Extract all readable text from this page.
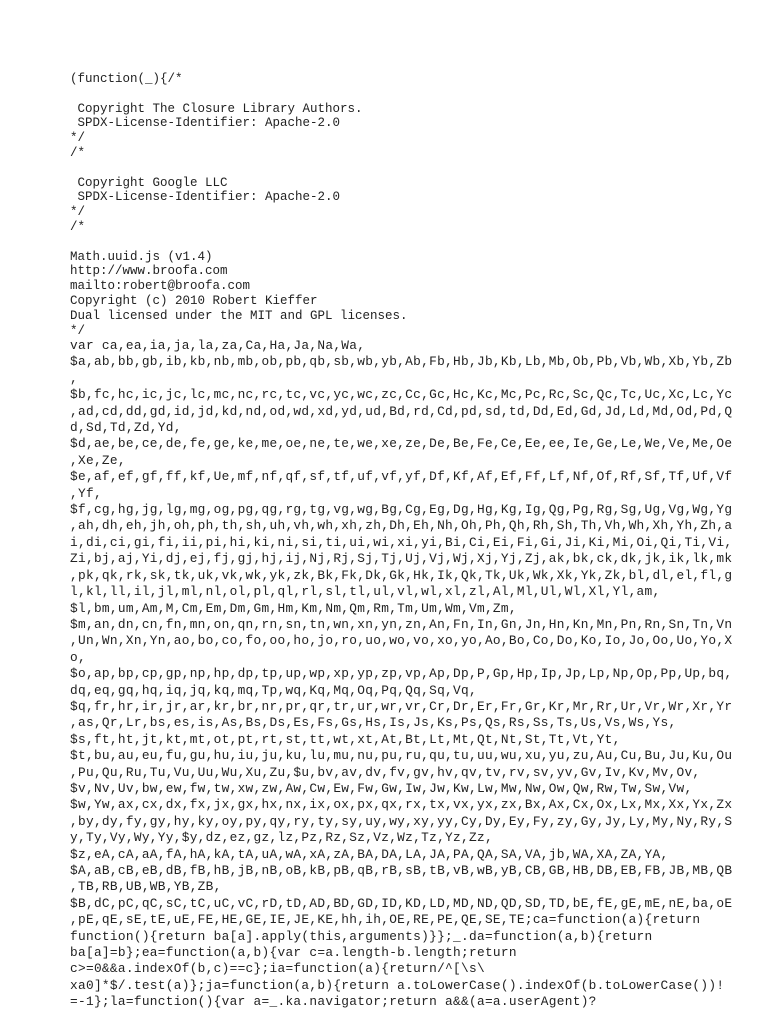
(function(_){/*

Copyright The Closure Library Authors.
SPDX-License-Identifier: Apache-2.0
*/
/*

Copyright Google LLC
SPDX-License-Identifier: Apache-2.0
*/
/*

Math.uuid.js (v1.4)
http://www.broofa.com
mailto:robert@broofa.com
Copyright (c) 2010 Robert Kieffer
Dual licensed under the MIT and GPL licenses.
*/
var ca,ea,ia,ja,la,za,Ca,Ha,Ja,Na,Wa,
$a,ab,bb,gb,ib,kb,nb,mb,ob,pb,qb,sb,wb,yb,Ab,Fb,Hb,Jb,Kb,Lb,Mb,Ob,Pb,Vb,Wb,Xb,Yb,Zb
,
$b,fc,hc,ic,jc,lc,mc,nc,rc,tc,vc,yc,wc,zc,Cc,Gc,Hc,Kc,Mc,Pc,Rc,Sc,Qc,Tc,Uc,Xc,Lc,Yc
,ad,cd,dd,gd,id,jd,kd,nd,od,wd,xd,yd,ud,Bd,rd,Cd,pd,sd,td,Dd,Ed,Gd,Jd,Ld,Md,Od,Pd,Q
d,Sd,Td,Zd,Yd,
$d,ae,be,ce,de,fe,ge,ke,me,oe,ne,te,we,xe,ze,De,Be,Fe,Ce,Ee,ee,Ie,Ge,Le,We,Ve,Me,Oe
,Xe,Ze,
$e,af,ef,gf,ff,kf,Ue,mf,nf,qf,sf,tf,uf,vf,yf,Df,Kf,Af,Ef,Ff,Lf,Nf,Of,Rf,Sf,Tf,Uf,Vf
,Yf,
$f,cg,hg,jg,lg,mg,og,pg,qg,rg,tg,vg,wg,Bg,Cg,Eg,Dg,Hg,Kg,Ig,Qg,Pg,Rg,Sg,Ug,Vg,Wg,Yg
,ah,dh,eh,jh,oh,ph,th,sh,uh,vh,wh,xh,zh,Dh,Eh,Nh,Oh,Ph,Qh,Rh,Sh,Th,Vh,Wh,Xh,Yh,Zh,a
i,di,ci,gi,fi,ii,pi,hi,ki,ni,si,ti,ui,wi,xi,yi,Bi,Ci,Ei,Fi,Gi,Ji,Ki,Mi,Oi,Qi,Ti,Vi,
Zi,bj,aj,Yi,dj,ej,fj,gj,hj,ij,Nj,Rj,Sj,Tj,Uj,Vj,Wj,Xj,Yj,Zj,ak,bk,ck,dk,jk,ik,lk,mk
,pk,qk,rk,sk,tk,uk,vk,wk,yk,zk,Bk,Fk,Dk,Gk,Hk,Ik,Qk,Tk,Uk,Wk,Xk,Yk,Zk,bl,dl,el,fl,g
l,kl,ll,il,jl,ml,nl,ol,pl,ql,rl,sl,tl,ul,vl,wl,xl,zl,Al,Ml,Ul,Wl,Xl,Yl,am,
$l,bm,um,Am,M,Cm,Em,Dm,Gm,Hm,Km,Nm,Qm,Rm,Tm,Um,Wm,Vm,Zm,
$m,an,dn,cn,fn,mn,on,qn,rn,sn,tn,wn,xn,yn,zn,An,Fn,In,Gn,Jn,Hn,Kn,Mn,Pn,Rn,Sn,Tn,Vn
,Un,Wn,Xn,Yn,ao,bo,co,fo,oo,ho,jo,ro,uo,wo,vo,xo,yo,Ao,Bo,Co,Do,Ko,Io,Jo,Oo,Uo,Yo,X
o,
$o,ap,bp,cp,gp,np,hp,dp,tp,up,wp,xp,yp,zp,vp,Ap,Dp,P,Gp,Hp,Ip,Jp,Lp,Np,Op,Pp,Up,bq,
dq,eq,gq,hq,iq,jq,kq,mq,Tp,wq,Kq,Mq,Oq,Pq,Qq,Sq,Vq,
$q,fr,hr,ir,jr,ar,kr,br,nr,pr,qr,tr,ur,wr,vr,Cr,Dr,Er,Fr,Gr,Kr,Mr,Rr,Ur,Vr,Wr,Xr,Yr
,as,Qr,Lr,bs,es,is,As,Bs,Ds,Es,Fs,Gs,Hs,Is,Js,Ks,Ps,Qs,Rs,Ss,Ts,Us,Vs,Ws,Ys,
$s,ft,ht,jt,kt,mt,ot,pt,rt,st,tt,wt,xt,At,Bt,Lt,Mt,Qt,Nt,St,Tt,Vt,Yt,
$t,bu,au,eu,fu,gu,hu,iu,ju,ku,lu,mu,nu,pu,ru,qu,tu,uu,wu,xu,yu,zu,Au,Cu,Bu,Ju,Ku,Ou
,Pu,Qu,Ru,Tu,Vu,Uu,Wu,Xu,Zu,$u,bv,av,dv,fv,gv,hv,qv,tv,rv,sv,yv,Gv,Iv,Kv,Mv,Ov,
$v,Nv,Uv,bw,ew,fw,tw,xw,zw,Aw,Cw,Ew,Fw,Gw,Iw,Jw,Kw,Lw,Mw,Nw,Ow,Qw,Rw,Tw,Sw,Vw,
$w,Yw,ax,cx,dx,fx,jx,gx,hx,nx,ix,ox,px,qx,rx,tx,vx,yx,zx,Bx,Ax,Cx,Ox,Lx,Mx,Xx,Yx,Zx
,by,dy,fy,gy,hy,ky,oy,py,qy,ry,ty,sy,uy,wy,xy,yy,Cy,Dy,Ey,Fy,zy,Gy,Jy,Ly,My,Ny,Ry,S
y,Ty,Vy,Wy,Yy,$y,dz,ez,gz,lz,Pz,Rz,Sz,Vz,Wz,Tz,Yz,Zz,
$z,eA,cA,aA,fA,hA,kA,tA,uA,wA,xA,zA,BA,DA,LA,JA,PA,QA,SA,VA,jb,WA,XA,ZA,YA,
$A,aB,cB,eB,dB,fB,hB,jB,nB,oB,kB,pB,qB,rB,sB,tB,vB,wB,yB,CB,GB,HB,DB,EB,FB,JB,MB,QB
,TB,RB,UB,WB,YB,ZB,
$B,dC,pC,qC,sC,tC,uC,vC,rD,tD,AD,BD,GD,ID,KD,LD,MD,ND,QD,SD,TD,bE,fE,gE,mE,nE,ba,oE
,pE,qE,sE,tE,uE,FE,HE,GE,IE,JE,KE,hh,ih,OE,RE,PE,QE,SE,TE;ca=function(a){return
function(){return ba[a].apply(this,arguments)}};_.da=function(a,b){return
ba[a]=b};ea=function(a,b){var c=a.length-b.length;return
c>=0&&a.indexOf(b,c)==c};ia=function(a){return/^[\s\
xa0]*$/.test(a)};ja=function(a,b){return a.toLowerCase().indexOf(b.toLowerCase())!
=-1};la=function(){var a=_.ka.navigator;return a&&(a=a.userAgent)?
